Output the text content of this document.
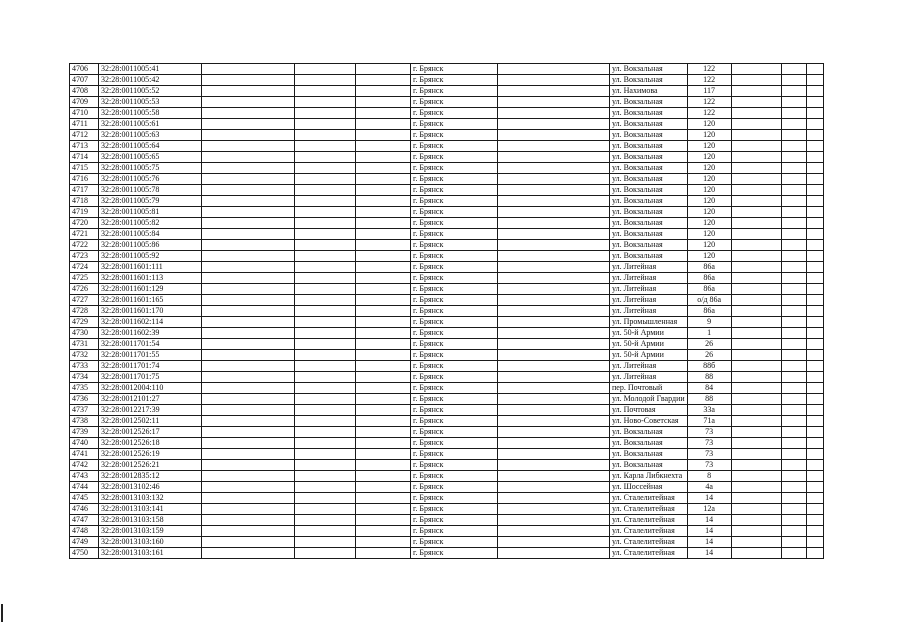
4706	32:28:0011005:41				г. Брянск		ул. Вокзальная	122			
4707	32:28:0011005:42				г. Брянск		ул. Вокзальная	122			
4708	32:28:0011005:52				г. Брянск		ул. Нахимова	117			
4709	32:28:0011005:53				г. Брянск		ул. Вокзальная	122			
4710	32:28:0011005:58				г. Брянск		ул. Вокзальная	122			
4711	32:28:0011005:61				г. Брянск		ул. Вокзальная	120			
4712	32:28:0011005:63				г. Брянск		ул. Вокзальная	120			
4713	32:28:0011005:64				г. Брянск		ул. Вокзальная	120			
4714	32:28:0011005:65				г. Брянск		ул. Вокзальная	120			
4715	32:28:0011005:75				г. Брянск		ул. Вокзальная	120			
4716	32:28:0011005:76				г. Брянск		ул. Вокзальная	120			
4717	32:28:0011005:78				г. Брянск		ул. Вокзальная	120			
4718	32:28:0011005:79				г. Брянск		ул. Вокзальная	120			
4719	32:28:0011005:81				г. Брянск		ул. Вокзальная	120			
4720	32:28:0011005:82				г. Брянск		ул. Вокзальная	120			
4721	32:28:0011005:84				г. Брянск		ул. Вокзальная	120			
4722	32:28:0011005:86				г. Брянск		ул. Вокзальная	120			
4723	32:28:0011005:92				г. Брянск		ул. Вокзальная	120			
4724	32:28:0011601:111				г. Брянск		ул. Литейная	86а			
4725	32:28:0011601:113				г. Брянск		ул. Литейная	86а			
4726	32:28:0011601:129				г. Брянск		ул. Литейная	86а			
4727	32:28:0011601:165				г. Брянск		ул. Литейная	о/д 86а			
4728	32:28:0011601:170				г. Брянск		ул. Литейная	86а			
4729	32:28:0011602:114				г. Брянск		ул. Промышленная	9			
4730	32:28:0011602:39				г. Брянск		ул. 50-й Армии	1			
4731	32:28:0011701:54				г. Брянск		ул. 50-й Армии	26			
4732	32:28:0011701:55				г. Брянск		ул. 50-й Армии	26			
4733	32:28:0011701:74				г. Брянск		ул. Литейная	88б			
4734	32:28:0011701:75				г. Брянск		ул. Литейная	88			
4735	32:28:0012004:110				г. Брянск		пер. Почтовый	84			
4736	32:28:0012101:27				г. Брянск		ул. Молодой Гвардии	88			
4737	32:28:0012217:39				г. Брянск		ул. Почтовая	33а			
4738	32:28:0012502:11				г. Брянск		ул. Ново-Советская	71а			
4739	32:28:0012526:17				г. Брянск		ул. Вокзальная	73			
4740	32:28:0012526:18				г. Брянск		ул. Вокзальная	73			
4741	32:28:0012526:19				г. Брянск		ул. Вокзальная	73			
4742	32:28:0012526:21				г. Брянск		ул. Вокзальная	73			
4743	32:28:0012835:12				г. Брянск		ул. Карла Либкнехта	8			
4744	32:28:0013102:46				г. Брянск		ул. Шоссейная	4а			
4745	32:28:0013103:132				г. Брянск		ул. Сталелитейная	14			
4746	32:28:0013103:141				г. Брянск		ул. Сталелитейная	12а			
4747	32:28:0013103:158				г. Брянск		ул. Сталелитейная	14			
4748	32:28:0013103:159				г. Брянск		ул. Сталелитейная	14			
4749	32:28:0013103:160				г. Брянск		ул. Сталелитейная	14			
4750	32:28:0013103:161				г. Брянск		ул. Сталелитейная	14			
